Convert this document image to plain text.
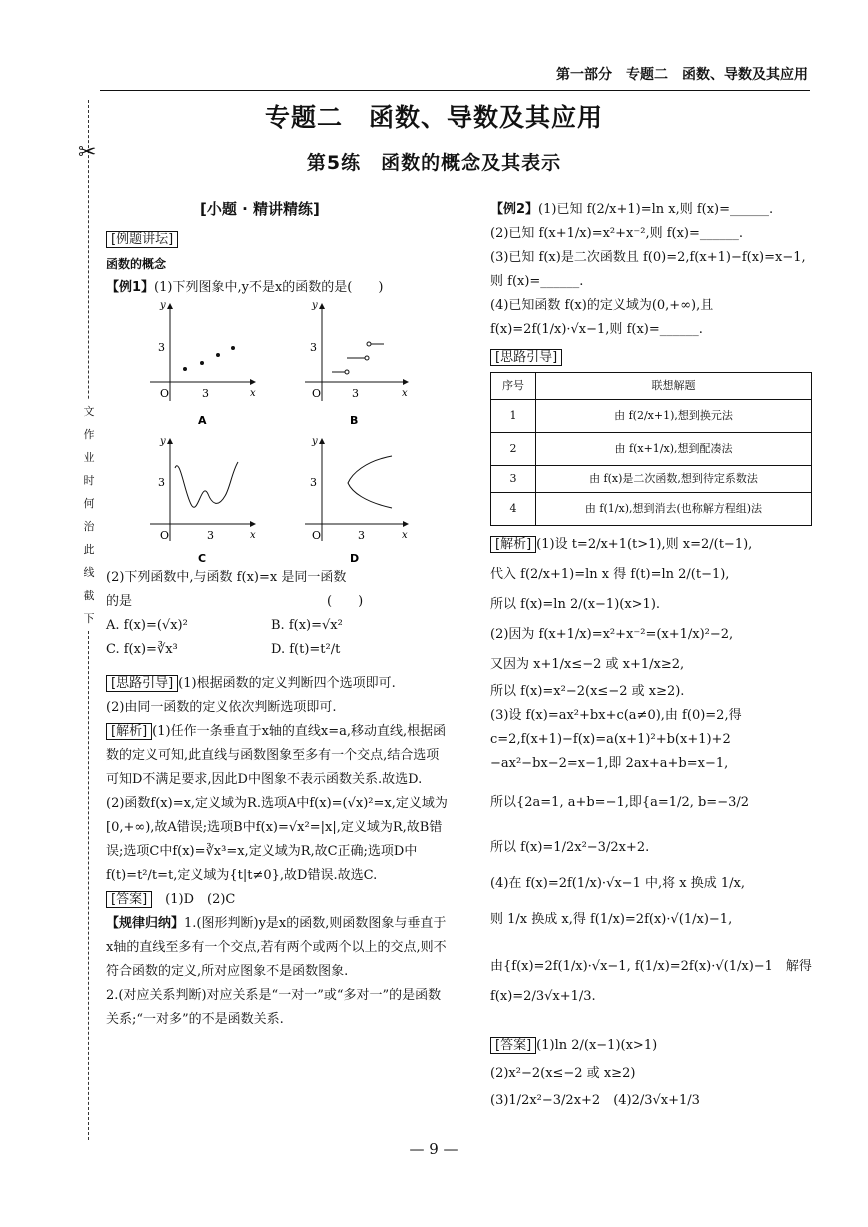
第一部分　专题二　函数、导数及其应用
✂
文作业时何治此线截下
专题二　函数、导数及其应用
第5练　函数的概念及其表示
[小题 · 精讲精练]

[例题讲坛]

函数的概念

【例1】(1)下列图象中,y不是x的函数的是(　　)

O	3
3
x
y
A
O	3
3
x
y
B
O	3
3
x
y
C
O	3
3
x
y
D

(2)下列函数中,与函数 f(x)=x 是同一函数

的是　　　　　　　　　　　　　　　(　　)

A. f(x)=(√x)²	B. f(x)=√x²
C. f(x)=∛x³	D. f(t)=t²/t

[思路引导] (1)根据函数的定义判断四个选项即可.

(2)由同一函数的定义依次判断选项即可.

[解析] (1)任作一条垂直于x轴的直线x=a,移动直线,根据函数的定义可知,此直线与函数图象至多有一个交点,结合选项可知D不满足要求,因此D中图象不表示函数关系.故选D.

(2)函数f(x)=x,定义域为R.选项A中f(x)=(√x)²=x,定义域为[0,+∞),故A错误;选项B中f(x)=√x²=|x|,定义域为R,故B错误;选项C中f(x)=∛x³=x,定义域为R,故C正确;选项D中f(t)=t²/t=t,定义域为{t|t≠0},故D错误.故选C.

[答案]　 (1)D　(2)C

【规律归纳】1.(图形判断)y是x的函数,则函数图象与垂直于x轴的直线至多有一个交点,若有两个或两个以上的交点,则不符合函数的定义,所对应图象不是函数图象.

2.(对应关系判断)对应关系是“一对一”或“多对一”的是函数关系;“一对多”的不是函数关系.

【例2】(1)已知 f(2/x+1)=ln x,则 f(x)=______.

(2)已知 f(x+1/x)=x²+x⁻²,则 f(x)=______.

(3)已知 f(x)是二次函数且 f(0)=2,f(x+1)−f(x)=x−1,则 f(x)=______.

(4)已知函数 f(x)的定义域为(0,+∞),且 f(x)=2f(1/x)·√x−1,则 f(x)=______.

[思路引导]

序号	联想解题
1	由 f(2/x+1),想到换元法
2	由 f(x+1/x),想到配凑法
3	由 f(x)是二次函数,想到待定系数法
4	由 f(1/x),想到消去(也称解方程组)法

[解析] (1)设 t=2/x+1(t>1),则 x=2/(t−1),

代入 f(2/x+1)=ln x 得 f(t)=ln 2/(t−1),

所以 f(x)=ln 2/(x−1)(x>1).

(2)因为 f(x+1/x)=x²+x⁻²=(x+1/x)²−2,

又因为 x+1/x≤−2 或 x+1/x≥2,

所以 f(x)=x²−2(x≤−2 或 x≥2).

(3)设 f(x)=ax²+bx+c(a≠0),由 f(0)=2,得

c=2,f(x+1)−f(x)=a(x+1)²+b(x+1)+2

−ax²−bx−2=x−1,即 2ax+a+b=x−1,

所以{2a=1, a+b=−1,即{a=1/2, b=−3/2

所以 f(x)=1/2x²−3/2x+2.

(4)在 f(x)=2f(1/x)·√x−1 中,将 x 换成 1/x,

则 1/x 换成 x,得 f(1/x)=2f(x)·√(1/x)−1,

由{f(x)=2f(1/x)·√x−1, f(1/x)=2f(x)·√(1/x)−1　解得 f(x)=2/3√x+1/3.

[答案] (1)ln 2/(x−1)(x>1)

(2)x²−2(x≤−2 或 x≥2)

(3)1/2x²−3/2x+2　(4)2/3√x+1/3

— 9 —
